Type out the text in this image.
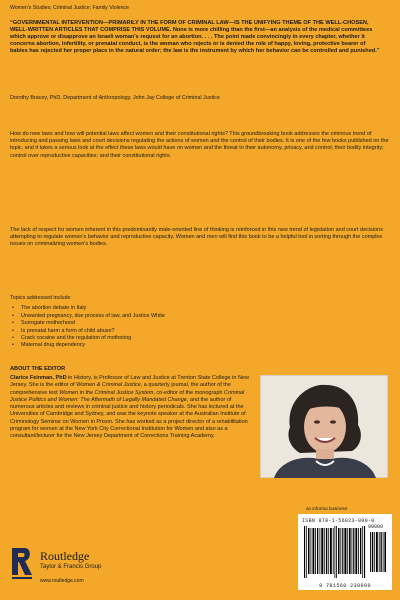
Women's Studies; Criminal Justice; Family Violence
“GOVERNMENTAL INTERVENTION—PRIMARILY IN THE FORM OF CRIMINAL LAW—IS THE UNIFYING THEME OF THE WELL-CHOSEN, WELL-WRITTEN ARTICLES THAT COMPRISE THIS VOLUME. None is more chilling than the first—an analysis of the medical committees which approve or disapprove an Israeli woman's request for an abortion. . . . The point made convincingly in every chapter, whether it concerns abortion, infertility, or prenatal conduct, is the woman who rejects or is denied the role of happy, loving, protective bearer of babies has rejected her proper place in the natural order; the law is the instrument by which her behavior can be controlled and punished.”
Dorothy Bracey, PhD, Department of Anthropology, John Jay College of Criminal Justice
How do new laws and how will potential laws affect women and their constitutional rights? This groundbreaking book addresses the ominous trend of introducing and passing laws and court decisions regulating the actions of women and the control of their bodies. It is one of the few books published on the topic, and it takes a serious look at the effect these laws would have on women and the threat to their autonomy, privacy, and control; their bodily integrity; control over reproductive capacities; and their constitutional rights.
The lack of respect for women inherent in this predominantly male-oriented line of thinking is reinforced in this new trend of legislation and court decisions attempting to regulate women's behavior and reproductive capacity. Women and men will find this book to be a helpful tool in sorting through the complex issues on criminalizing women's bodies.
Topics addressed include
• The abortion debate in Italy
• Unwanted pregnancy, due process of law, and Justice White
• Surrogate motherhood
• Is prenatal harm a form of child abuse?
• Crack cocaine and the regulation of mothering
• Maternal drug dependency
ABOUT THE EDITOR
Clarice Feinman, PhD in History, is Professor of Law and Justice at Trenton State College in New Jersey. She is the editor of Women & Criminal Justice, a quarterly journal, the author of the comprehensive text Women in the Criminal Justice System, co-editor of the monograph Criminal Justice Politics and Women: The Aftermath of Legally Mandated Change, and the author of numerous articles and reviews in criminal justice and history periodicals. She has lectured at the Universities of Cambridge and Sydney, and was the keynote speaker at the Australian Institute of Criminology Seminar on Women in Prison. She has worked as a project director of a rehabilitation program for women at the New York City Correctional Institution for Women and also as a consultant/lecturer for the New Jersey Department of Corrections Training Academy.
an informa business
ISBN 978-1-56023-009-0
90000
9 781560 230090
Routledge
Taylor & Francis Group
www.routledge.com
